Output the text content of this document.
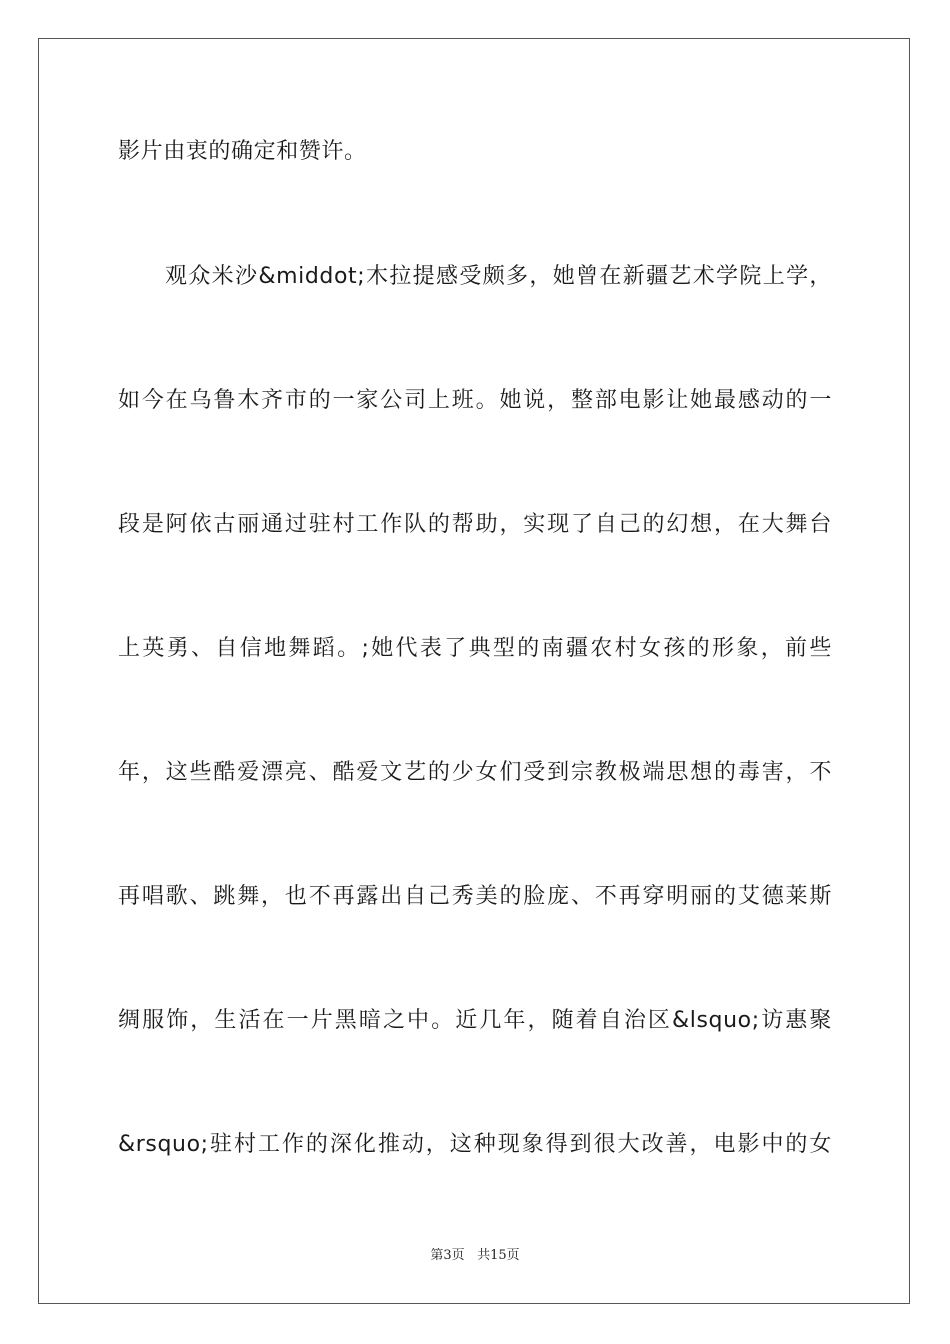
影片由衷的确定和赞许。
观众米沙&middot;木拉提感受颇多，她曾在新疆艺术学院上学，
如今在乌鲁木齐市的一家公司上班。她说，整部电影让她最感动的一
段是阿依古丽通过驻村工作队的帮助，实现了自己的幻想，在大舞台
上英勇、自信地舞蹈。;她代表了典型的南疆农村女孩的形象，前些
年，这些酷爱漂亮、酷爱文艺的少女们受到宗教极端思想的毒害，不
再唱歌、跳舞，也不再露出自己秀美的脸庞、不再穿明丽的艾德莱斯
绸服饰，生活在一片黑暗之中。近几年，随着自治区&lsquo;访惠聚
&rsquo;驻村工作的深化推动，这种现象得到很大改善，电影中的女
第3页 共15页
